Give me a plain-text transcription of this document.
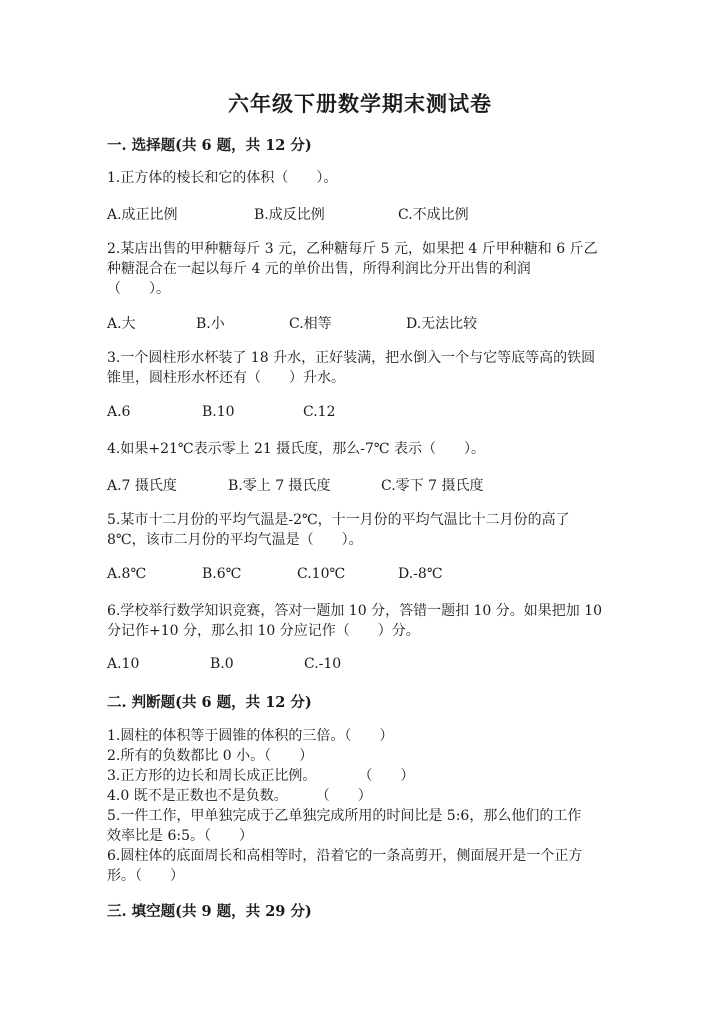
六年级下册数学期末测试卷
一. 选择题(共 6 题，共 12 分)
1.正方体的棱长和它的体积（　　）。
A.成正比例	B.成反比例	C.不成比例
2.某店出售的甲种糖每斤 3 元，乙种糖每斤 5 元，如果把 4 斤甲种糖和 6 斤乙
种糖混合在一起以每斤 4 元的单价出售，所得利润比分开出售的利润
（　　）。
A.大	B.小	C.相等	D.无法比较
3.一个圆柱形水杯装了 18 升水，正好装满，把水倒入一个与它等底等高的铁圆
锥里，圆柱形水杯还有（　　）升水。
A.6	B.10	C.12
4.如果+21℃表示零上 21 摄氏度，那么-7℃ 表示（　　）。
A.7 摄氏度	B.零上 7 摄氏度	C.零下 7 摄氏度
5.某市十二月份的平均气温是-2℃，十一月份的平均气温比十二月份的高了
8℃，该市二月份的平均气温是（　　）。
A.8℃	B.6℃	C.10℃	D.-8℃
6.学校举行数学知识竞赛，答对一题加 10 分，答错一题扣 10 分。如果把加 10
分记作+10 分，那么扣 10 分应记作（　　）分。
A.10	B.0	C.-10
二. 判断题(共 6 题，共 12 分)
1.圆柱的体积等于圆锥的体积的三倍。（　　）
2.所有的负数都比 0 小。（　　）
3.正方形的边长和周长成正比例。　　　　（　　）
4.0 既不是正数也不是负数。　　　（　　）
5.一件工作，甲单独完成于乙单独完成所用的时间比是 5:6，那么他们的工作
效率比是 6:5。（　　）
6.圆柱体的底面周长和高相等时，沿着它的一条高剪开，侧面展开是一个正方
形。（　　）
三. 填空题(共 9 题，共 29 分)
